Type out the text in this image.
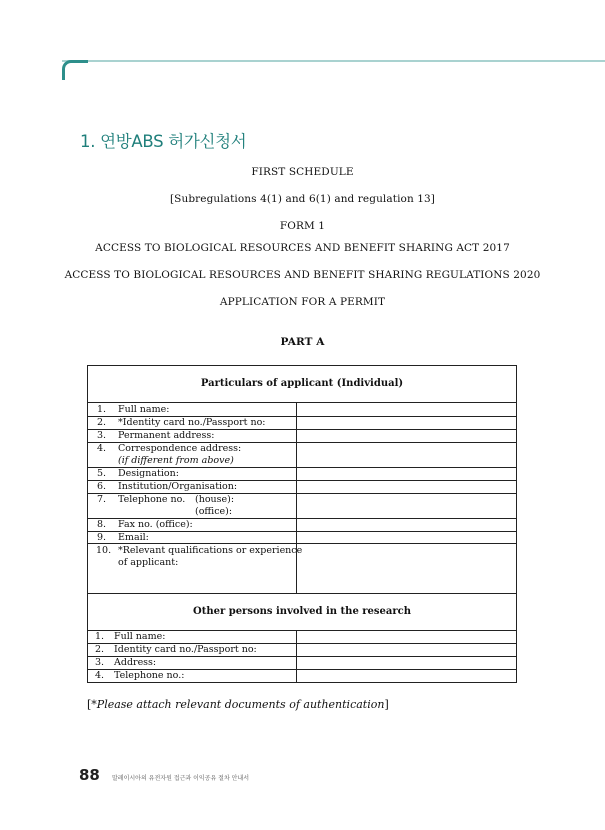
1. 연방ABS 허가신청서
FIRST SCHEDULE
[Subregulations 4(1) and 6(1) and regulation 13]
FORM 1
ACCESS TO BIOLOGICAL RESOURCES AND BENEFIT SHARING ACT 2017
ACCESS TO BIOLOGICAL RESOURCES AND BENEFIT SHARING REGULATIONS 2020
APPLICATION FOR A PERMIT
PART A
Particulars of applicant (Individual)
1. Full name:
2. *Identity card no./Passport no:
3. Permanent address:
4. Correspondence address:
(if different from above)
5. Designation:
6. Institution/Organisation:
7. Telephone no. (house):
(office):
8. Fax no. (office):
9. Email:
10. *Relevant qualifications or experience
of applicant:
Other persons involved in the research
1. Full name:
2. Identity card no./Passport no:
3. Address:
4. Telephone no.:
[*Please attach relevant documents of authentication]
88 말레이시아의 유전자원 접근과 이익공유 절차 안내서
